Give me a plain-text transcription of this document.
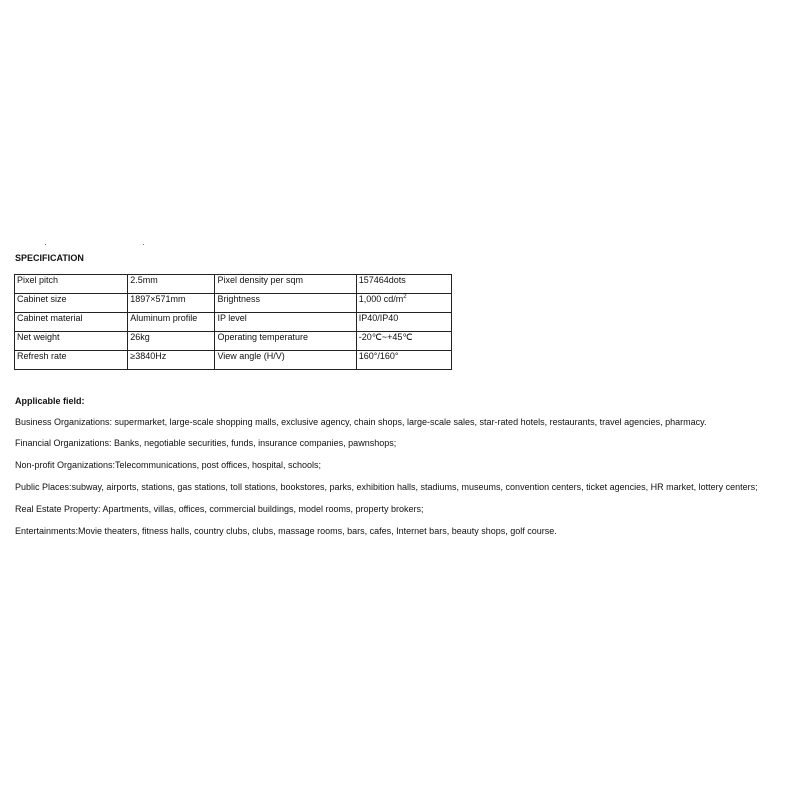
·	·
SPECIFICATION
Pixel pitch	2.5mm	Pixel density per sqm	157464dots
Cabinet size	1897×571mm	Brightness	1,000 $cd/m^2$
Cabinet material	Aluminum profile	IP level	IP40/IP40
Net weight	26kg	Operating temperature	-20℃~+45℃
Refresh rate	≥3840Hz	View angle (H/V)	160°/160°
Applicable field:
Business Organizations: supermarket, large-scale shopping malls, exclusive agency, chain shops, large-scale sales, star-rated hotels, restaurants, travel agencies, pharmacy.
Financial Organizations: Banks, negotiable securities, funds, insurance companies, pawnshops;
Non-profit Organizations:Telecommunications, post offices, hospital, schools;
Public Places:subway, airports, stations, gas stations, toll stations, bookstores, parks, exhibition halls, stadiums, museums, convention centers, ticket agencies, HR market, lottery centers;
Real Estate Property: Apartments, villas, offices, commercial buildings, model rooms, property brokers;
Entertainments:Movie theaters, fitness halls, country clubs, clubs, massage rooms, bars, cafes, Internet bars, beauty shops, golf course.
